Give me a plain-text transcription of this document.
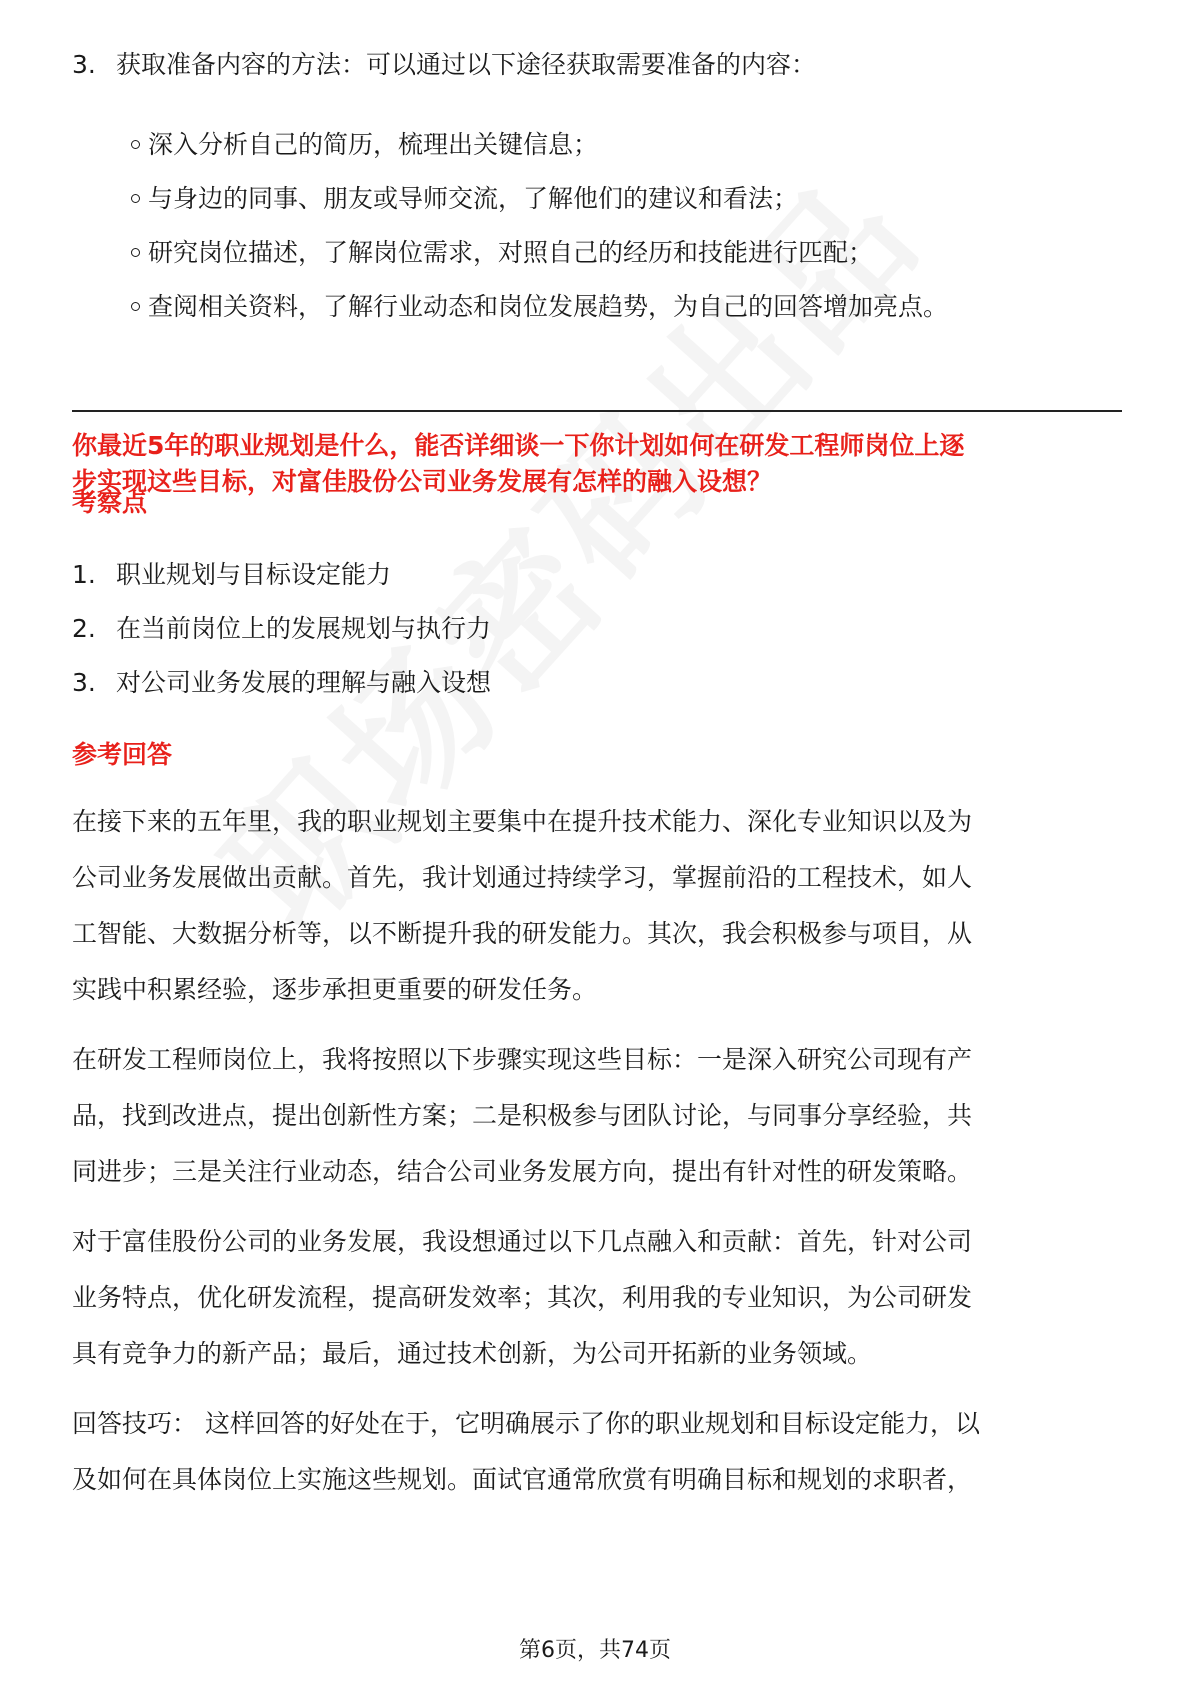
3. 获取准备内容的方法：可以通过以下途径获取需要准备的内容：
深入分析自己的简历，梳理出关键信息；
与身边的同事、朋友或导师交流，了解他们的建议和看法；
研究岗位描述，了解岗位需求，对照自己的经历和技能进行匹配；
查阅相关资料，了解行业动态和岗位发展趋势，为自己的回答增加亮点。
你最近5年的职业规划是什么，能否详细谈一下你计划如何在研发工程师岗位上逐
步实现这些目标，对富佳股份公司业务发展有怎样的融入设想？
考察点
1. 职业规划与目标设定能力
2. 在当前岗位上的发展规划与执行力
3. 对公司业务发展的理解与融入设想
参考回答
在接下来的五年里，我的职业规划主要集中在提升技术能力、深化专业知识以及为
公司业务发展做出贡献。首先，我计划通过持续学习，掌握前沿的工程技术，如人
工智能、大数据分析等，以不断提升我的研发能力。其次，我会积极参与项目，从
实践中积累经验，逐步承担更重要的研发任务。
在研发工程师岗位上，我将按照以下步骤实现这些目标：一是深入研究公司现有产
品，找到改进点，提出创新性方案；二是积极参与团队讨论，与同事分享经验，共
同进步；三是关注行业动态，结合公司业务发展方向，提出有针对性的研发策略。
对于富佳股份公司的业务发展，我设想通过以下几点融入和贡献：首先，针对公司
业务特点，优化研发流程，提高研发效率；其次，利用我的专业知识，为公司研发
具有竞争力的新产品；最后，通过技术创新，为公司开拓新的业务领域。
回答技巧： 这样回答的好处在于，它明确展示了你的职业规划和目标设定能力，以
及如何在具体岗位上实施这些规划。面试官通常欣赏有明确目标和规划的求职者，
第6页，共74页
